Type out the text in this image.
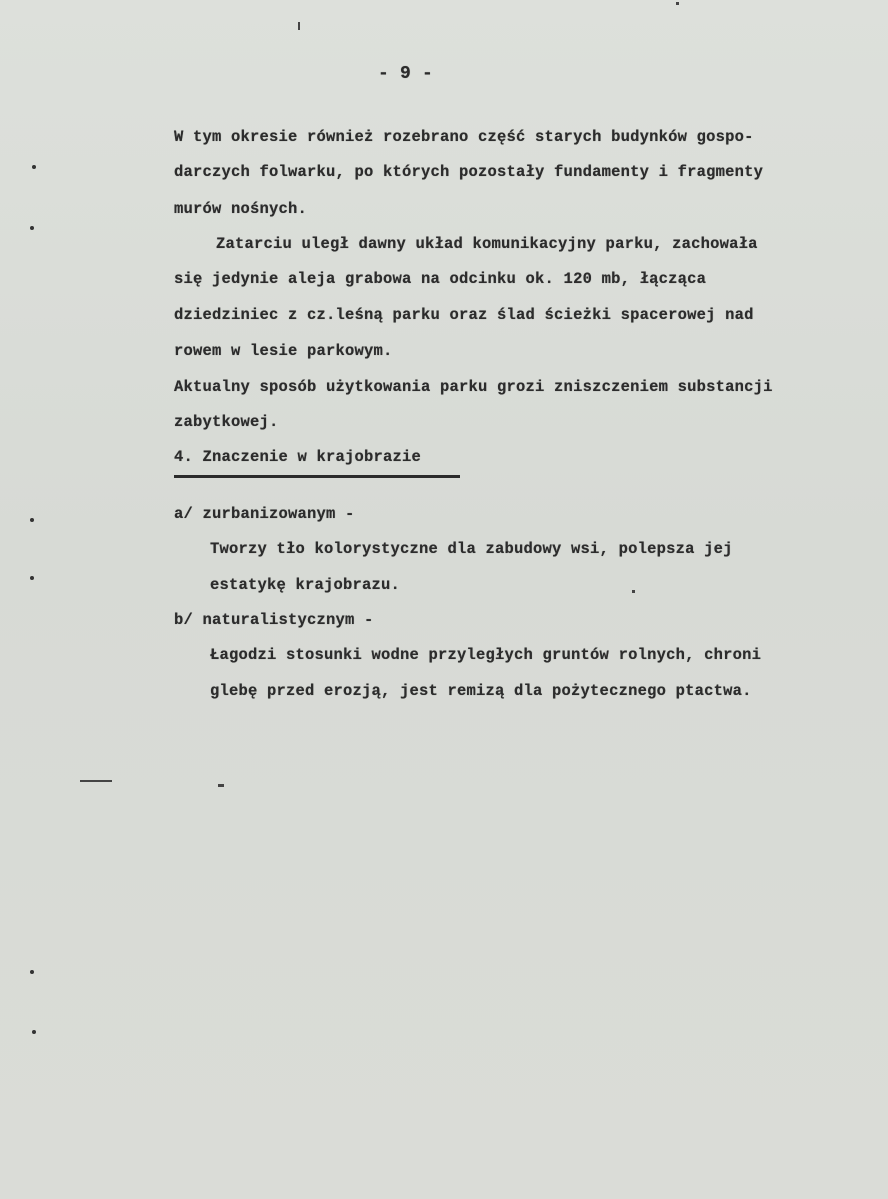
- 9 -
W tym okresie również rozebrano część starych budynków gospo-
darczych folwarku, po których pozostały fundamenty i fragmenty
murów nośnych.
Zatarciu uległ dawny układ komunikacyjny parku, zachowała
się jedynie aleja grabowa na odcinku ok. 120 mb, łącząca
dziedziniec z cz.leśną parku oraz ślad ścieżki spacerowej nad
rowem w lesie parkowym.
Aktualny sposób użytkowania parku grozi zniszczeniem substancji
zabytkowej.
4. Znaczenie w krajobrazie
a/ zurbanizowanym -
Tworzy tło kolorystyczne dla zabudowy wsi, polepsza jej
estatykę krajobrazu.
b/ naturalistycznym -
Łagodzi stosunki wodne przyległych gruntów rolnych, chroni
glebę przed erozją, jest remizą dla pożytecznego ptactwa.
